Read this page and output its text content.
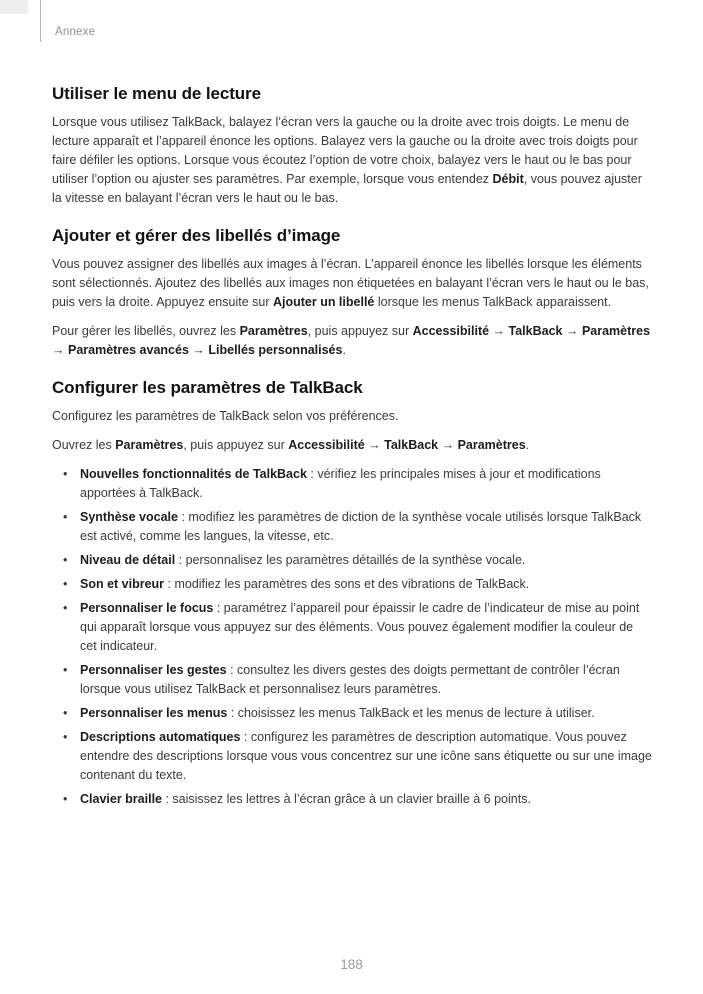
Annexe
Utiliser le menu de lecture

Lorsque vous utilisez TalkBack, balayez l’écran vers la gauche ou la droite avec trois doigts. Le menu de lecture apparaît et l’appareil énonce les options. Balayez vers la gauche ou la droite avec trois doigts pour faire défiler les options. Lorsque vous écoutez l’option de votre choix, balayez vers le haut ou le bas pour utiliser l’option ou ajuster ses paramètres. Par exemple, lorsque vous entendez Débit, vous pouvez ajuster la vitesse en balayant l’écran vers le haut ou le bas.

Ajouter et gérer des libellés d’image

Vous pouvez assigner des libellés aux images à l’écran. L’appareil énonce les libellés lorsque les éléments sont sélectionnés. Ajoutez des libellés aux images non étiquetées en balayant l’écran vers le haut ou le bas, puis vers la droite. Appuyez ensuite sur Ajouter un libellé lorsque les menus TalkBack apparaissent.

Pour gérer les libellés, ouvrez les Paramètres, puis appuyez sur Accessibilité → TalkBack → Paramètres → Paramètres avancés → Libellés personnalisés.

Configurer les paramètres de TalkBack

Configurez les paramètres de TalkBack selon vos préférences.

Ouvrez les Paramètres, puis appuyez sur Accessibilité → TalkBack → Paramètres.

• Nouvelles fonctionnalités de TalkBack : vérifiez les principales mises à jour et modifications apportées à TalkBack.
• Synthèse vocale : modifiez les paramètres de diction de la synthèse vocale utilisés lorsque TalkBack est activé, comme les langues, la vitesse, etc.
• Niveau de détail : personnalisez les paramètres détaillés de la synthèse vocale.
• Son et vibreur : modifiez les paramètres des sons et des vibrations de TalkBack.
• Personnaliser le focus : paramétrez l’appareil pour épaissir le cadre de l’indicateur de mise au point qui apparaît lorsque vous appuyez sur des éléments. Vous pouvez également modifier la couleur de cet indicateur.
• Personnaliser les gestes : consultez les divers gestes des doigts permettant de contrôler l’écran lorsque vous utilisez TalkBack et personnalisez leurs paramètres.
• Personnaliser les menus : choisissez les menus TalkBack et les menus de lecture à utiliser.
• Descriptions automatiques : configurez les paramètres de description automatique. Vous pouvez entendre des descriptions lorsque vous vous concentrez sur une icône sans étiquette ou sur une image contenant du texte.
• Clavier braille : saisissez les lettres à l’écran grâce à un clavier braille à 6 points.
188
